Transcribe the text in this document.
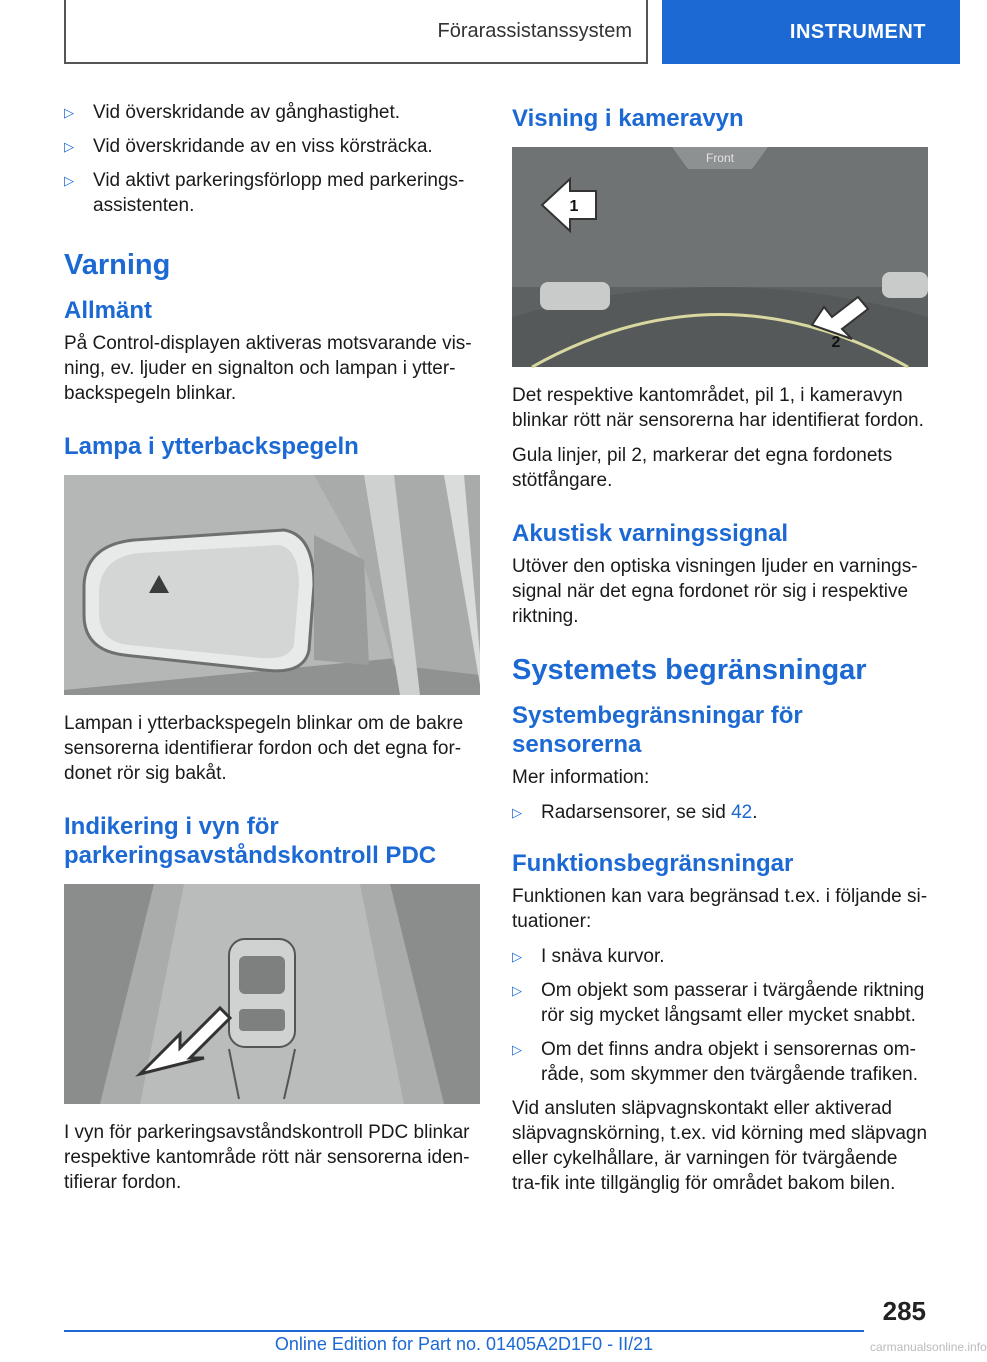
Förarassistanssystem	INSTRUMENT
▷	Vid överskridande av gånghastighet.
▷	Vid överskridande av en viss körsträcka.
▷	Vid aktivt parkeringsförlopp med parkerings-assistenten.
Varning
Allmänt

På Control-displayen aktiveras motsvarande vis-ning, ev. ljuder en signalton och lampan i ytter-backspegeln blinkar.

Lampa i ytterbackspegeln

Lampan i ytterbackspegeln blinkar om de bakre sensorerna identifierar fordon och det egna for-donet rör sig bakåt.

Indikering i vyn för parkeringsavståndskontroll PDC

I vyn för parkeringsavståndskontroll PDC blinkar respektive kantområde rött när sensorerna iden-tifierar fordon.

Visning i kameravyn
Front
1
2

Det respektive kantområdet, pil 1, i kameravyn blinkar rött när sensorerna har identifierat fordon.

Gula linjer, pil 2, markerar det egna fordonets stötfångare.

Akustisk varningssignal

Utöver den optiska visningen ljuder en varnings-signal när det egna fordonet rör sig i respektive riktning.

Systemets begränsningar
Systembegränsningar för sensorerna

Mer information:

▷	Radarsensorer, se sid 42.
Funktionsbegränsningar

Funktionen kan vara begränsad t.ex. i följande si-tuationer:

▷	I snäva kurvor.
▷	Om objekt som passerar i tvärgående riktning rör sig mycket långsamt eller mycket snabbt.
▷	Om det finns andra objekt i sensorernas om-råde, som skymmer den tvärgående trafiken.

Vid ansluten släpvagnskontakt eller aktiverad släpvagnskörning, t.ex. vid körning med släpvagn eller cykelhållare, är varningen för tvärgående tra-fik inte tillgänglig för området bakom bilen.

285
Online Edition for Part no. 01405A2D1F0 - II/21	carmanualsonline.info
